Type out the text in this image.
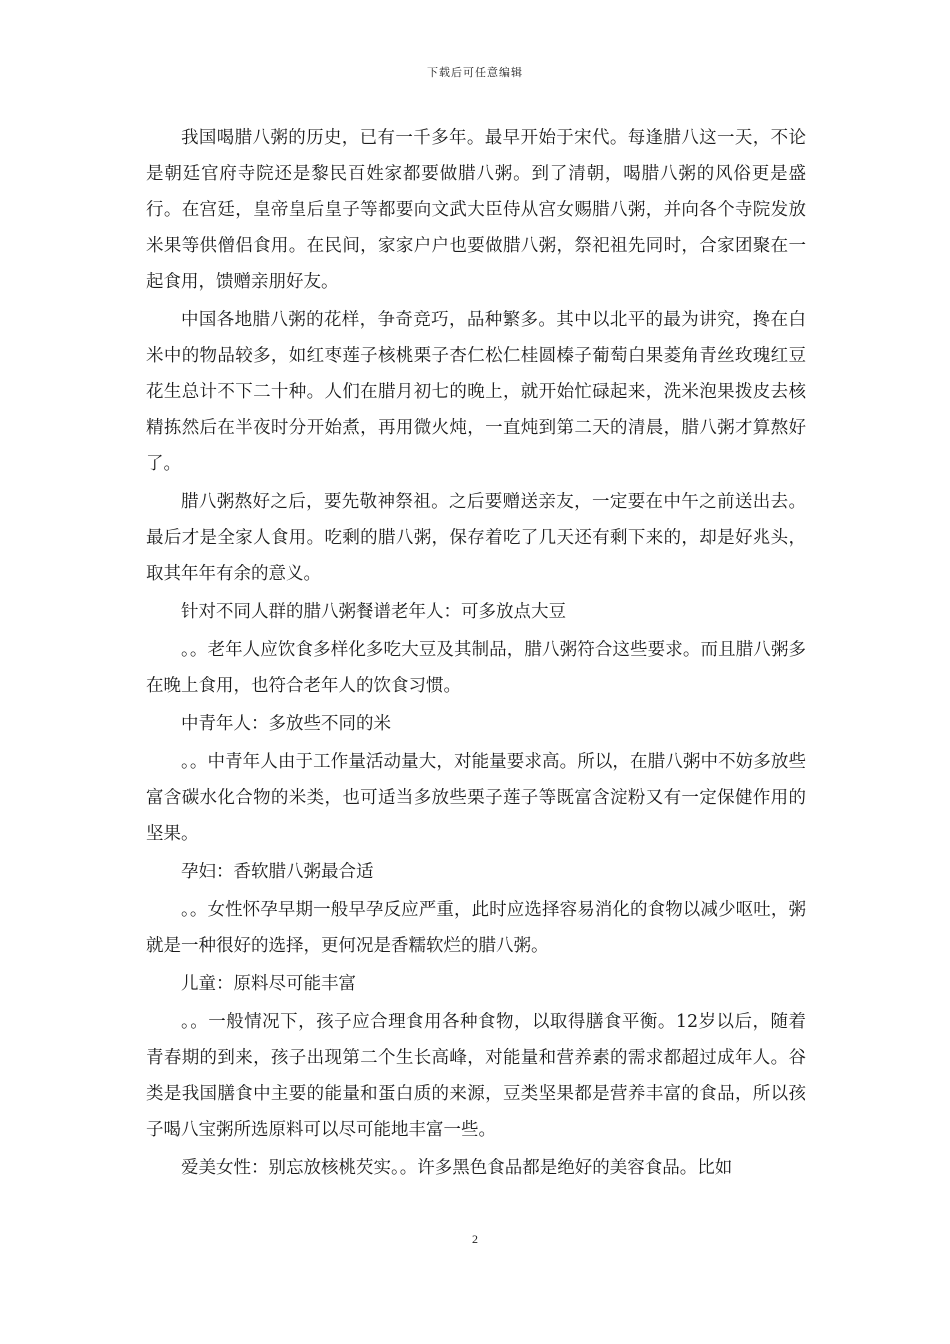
下载后可任意编辑

我国喝腊八粥的历史，已有一千多年。最早开始于宋代。每逢腊八这一天，不论是朝廷官府寺院还是黎民百姓家都要做腊八粥。到了清朝，喝腊八粥的风俗更是盛行。在宫廷，皇帝皇后皇子等都要向文武大臣侍从宫女赐腊八粥，并向各个寺院发放米果等供僧侣食用。在民间，家家户户也要做腊八粥，祭祀祖先同时，合家团聚在一起食用，馈赠亲朋好友。

中国各地腊八粥的花样，争奇竞巧，品种繁多。其中以北平的最为讲究，搀在白米中的物品较多，如红枣莲子核桃栗子杏仁松仁桂圆榛子葡萄白果菱角青丝玫瑰红豆花生总计不下二十种。人们在腊月初七的晚上，就开始忙碌起来，洗米泡果拨皮去核精拣然后在半夜时分开始煮，再用微火炖，一直炖到第二天的清晨，腊八粥才算熬好了。

腊八粥熬好之后，要先敬神祭祖。之后要赠送亲友，一定要在中午之前送出去。最后才是全家人食用。吃剩的腊八粥，保存着吃了几天还有剩下来的，却是好兆头，取其年年有余的意义。

针对不同人群的腊八粥餐谱老年人：可多放点大豆

。。老年人应饮食多样化多吃大豆及其制品，腊八粥符合这些要求。而且腊八粥多在晚上食用，也符合老年人的饮食习惯。

中青年人：多放些不同的米

。。中青年人由于工作量活动量大，对能量要求高。所以，在腊八粥中不妨多放些富含碳水化合物的米类，也可适当多放些栗子莲子等既富含淀粉又有一定保健作用的坚果。

孕妇：香软腊八粥最合适

。。女性怀孕早期一般早孕反应严重，此时应选择容易消化的食物以减少呕吐，粥就是一种很好的选择，更何况是香糯软烂的腊八粥。

儿童：原料尽可能丰富

。。一般情况下，孩子应合理食用各种食物，以取得膳食平衡。12岁以后，随着青春期的到来，孩子出现第二个生长高峰，对能量和营养素的需求都超过成年人。谷类是我国膳食中主要的能量和蛋白质的来源，豆类坚果都是营养丰富的食品，所以孩子喝八宝粥所选原料可以尽可能地丰富一些。

爱美女性：别忘放核桃芡实。。许多黑色食品都是绝好的美容食品。比如

2
